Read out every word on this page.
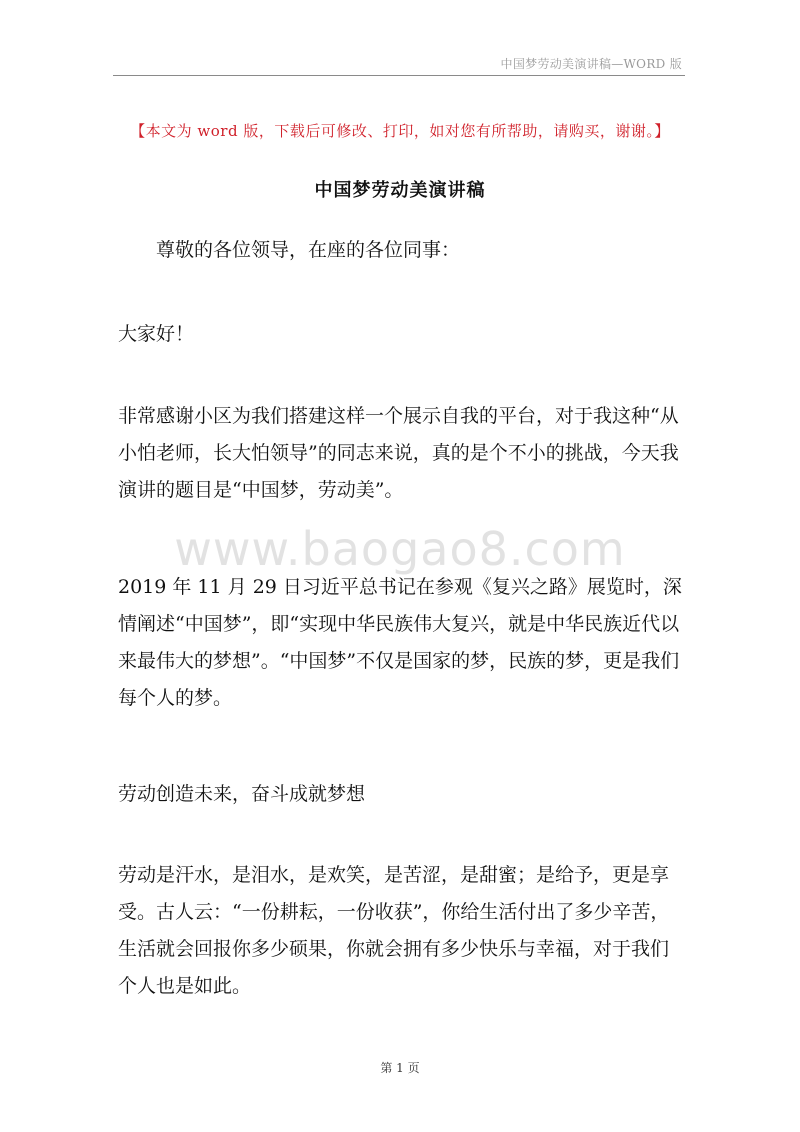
中国梦劳动美演讲稿—WORD 版
【本文为 word 版，下载后可修改、打印，如对您有所帮助，请购买，谢谢。】
中国梦劳动美演讲稿
尊敬的各位领导，在座的各位同事：
大家好！
非常感谢小区为我们搭建这样一个展示自我的平台，对于我这种“从小怕老师，长大怕领导”的同志来说，真的是个不小的挑战，今天我演讲的题目是“中国梦，劳动美”。
www.baogao8.com
2019 年 11 月 29 日习近平总书记在参观《复兴之路》展览时，深情阐述“中国梦”，即“实现中华民族伟大复兴，就是中华民族近代以来最伟大的梦想”。“中国梦”不仅是国家的梦，民族的梦，更是我们每个人的梦。
劳动创造未来，奋斗成就梦想
劳动是汗水，是泪水，是欢笑，是苦涩，是甜蜜；是给予，更是享受。古人云：“一份耕耘，一份收获”，你给生活付出了多少辛苦，生活就会回报你多少硕果，你就会拥有多少快乐与幸福，对于我们个人也是如此。
第 1 页
